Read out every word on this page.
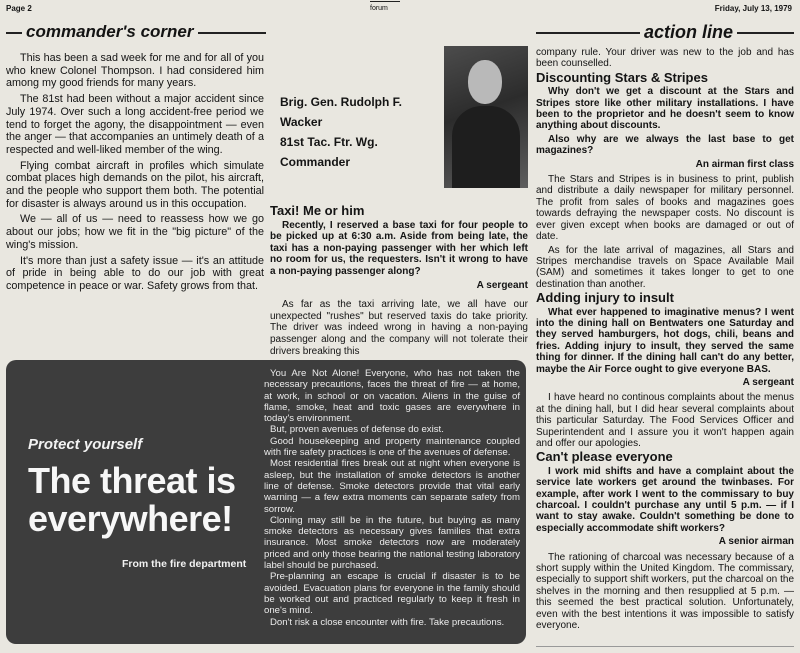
Page 2	forum	Friday, July 13, 1979
commander's corner	action line

This has been a sad week for me and for all of you who knew Colonel Thompson. I had considered him among my good friends for many years.

The 81st had been without a major accident since July 1974. Over such a long accident-free period we tend to forget the agony, the disappointment — even the anger — that accompanies an untimely death of a respected and well-liked member of the wing.

Flying combat aircraft in profiles which simulate combat places high demands on the pilot, his aircraft, and the people who support them both. The potential for disaster is always around us in this occupation.

We — all of us — need to reassess how we go about our jobs; how we fit in the "big picture" of the wing's mission.

It's more than just a safety issue — it's an attitude of pride in being able to do our job with great competence in peace or war. Safety grows from that.

Brig. Gen. Rudolph F. Wacker
81st Tac. Ftr. Wg. Commander
Taxi! Me or him

Recently, I reserved a base taxi for four people to be picked up at 6:30 a.m. Aside from being late, the taxi has a non-paying passenger with her which left no room for us, the requesters. Isn't it wrong to have a non-paying passenger along?

A sergeant

As far as the taxi arriving late, we all have our unexpected "rushes" but reserved taxis do take priority. The driver was indeed wrong in having a non-paying passenger along and the company will not tolerate their drivers breaking this

company rule. Your driver was new to the job and has been counselled.

Discounting Stars & Stripes

Why don't we get a discount at the Stars and Stripes store like other military installations. I have been to the proprietor and he doesn't seem to know anything about discounts.

Also why are we always the last base to get magazines?

An airman first class

The Stars and Stripes is in business to print, publish and distribute a daily newspaper for military personnel. The profit from sales of books and magazines goes towards defraying the newspaper costs. No discount is ever given except when books are damaged or out of date.

As for the late arrival of magazines, all Stars and Stripes merchandise travels on Space Available Mail (SAM) and sometimes it takes longer to get to one destination than another.

Adding injury to insult

What ever happened to imaginative menus? I went into the dining hall on Bentwaters one Saturday and they served hamburgers, hot dogs, chili, beans and fries. Adding injury to insult, they served the same thing for dinner. If the dining hall can't do any better, maybe the Air Force ought to give everyone BAS.

A sergeant

I have heard no continous complaints about the menus at the dining hall, but I did hear several complaints about this particular Saturday. The Food Services Officer and Superintendent and I assure you it won't happen again and offer our apologies.

Can't please everyone

I work mid shifts and have a complaint about the service late workers get around the twinbases. For example, after work I went to the commissary to buy charcoal. I couldn't purchase any until 5 p.m. — if I want to stay awake. Couldn't something be done to especially accommodate shift workers?

A senior airman

The rationing of charcoal was necessary because of a short supply within the United Kingdom. The commissary, especially to support shift workers, put the charcoal on the shelves in the morning and then resupplied at 5 p.m. — this seemed the best practical solution. Unfortunately, even with the best intentions it was impossible to satisfy everyone.

Protect yourself
The threat is everywhere!
From the fire department

You Are Not Alone! Everyone, who has not taken the necessary precautions, faces the threat of fire — at home, at work, in school or on vacation. Aliens in the guise of flame, smoke, heat and toxic gases are everywhere in today's environment.

But, proven avenues of defense do exist.

Good housekeeping and property maintenance coupled with fire safety practices is one of the avenues of defense.

Most residential fires break out at night when everyone is asleep, but the installation of smoke detectors is another line of defense. Smoke detectors provide that vital early warning — a few extra moments can separate safety from sorrow.

Cloning may still be in the future, but buying as many smoke detectors as necessary gives families that extra insurance. Most smoke detectors now are moderately priced and only those bearing the national testing laboratory label should be purchased.

Pre-planning an escape is crucial if disaster is to be avoided. Evacuation plans for everyone in the family should be worked out and practiced regularly to keep it fresh in one's mind.

Don't risk a close encounter with fire. Take precautions.
